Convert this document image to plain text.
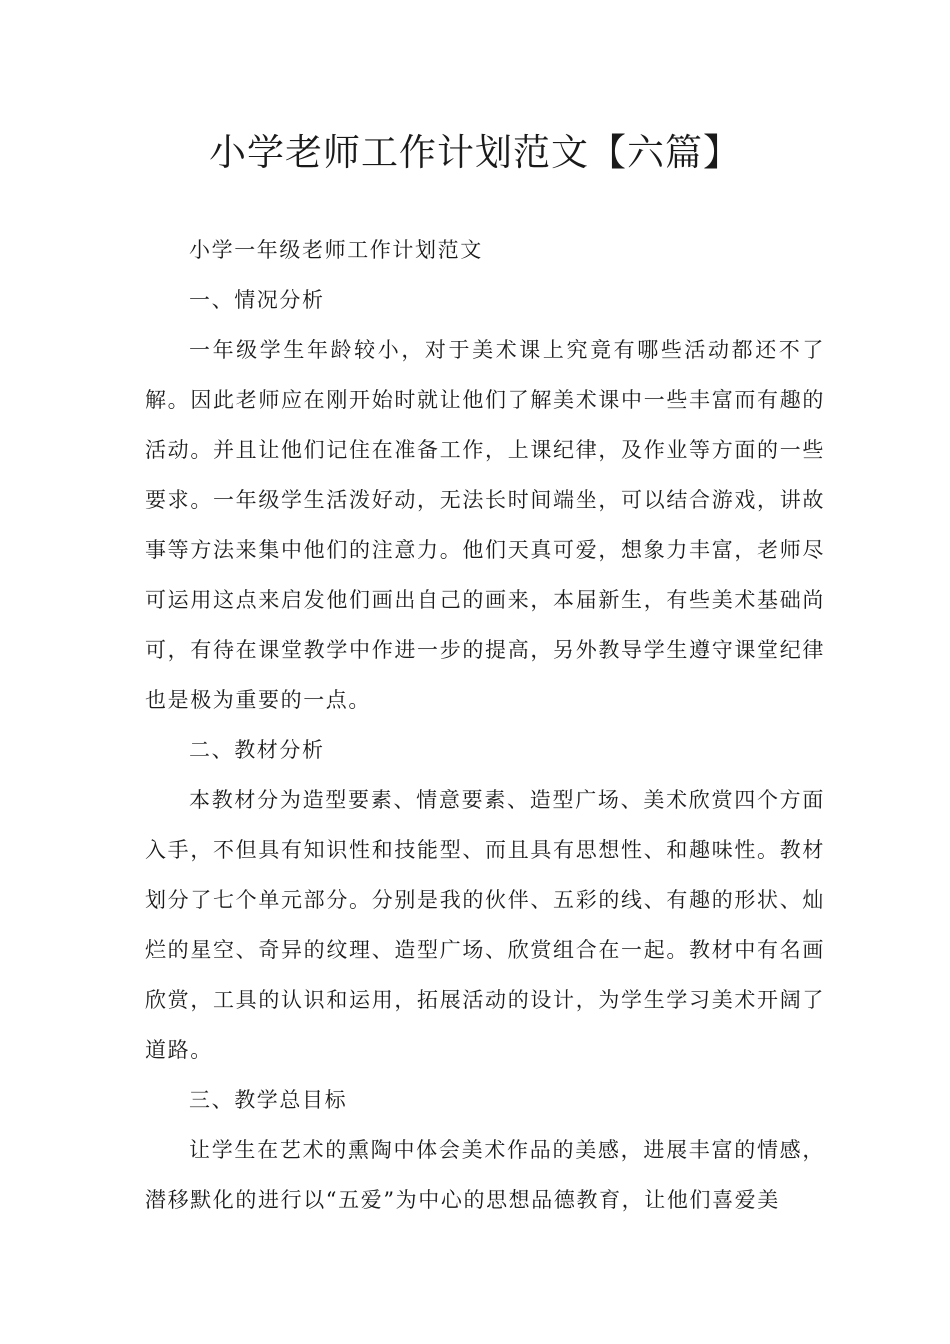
小学老师工作计划范文【六篇】

小学一年级老师工作计划范文

一、情况分析

一年级学生年龄较小，对于美术课上究竟有哪些活动都还不了解。因此老师应在刚开始时就让他们了解美术课中一些丰富而有趣的活动。并且让他们记住在准备工作，上课纪律，及作业等方面的一些要求。一年级学生活泼好动，无法长时间端坐，可以结合游戏，讲故事等方法来集中他们的注意力。他们天真可爱，想象力丰富，老师尽可运用这点来启发他们画出自己的画来，本届新生，有些美术基础尚可，有待在课堂教学中作进一步的提高，另外教导学生遵守课堂纪律也是极为重要的一点。

二、教材分析

本教材分为造型要素、情意要素、造型广场、美术欣赏四个方面入手，不但具有知识性和技能型、而且具有思想性、和趣味性。教材划分了七个单元部分。分别是我的伙伴、五彩的线、有趣的形状、灿烂的星空、奇异的纹理、造型广场、欣赏组合在一起。教材中有名画欣赏，工具的认识和运用，拓展活动的设计，为学生学习美术开阔了道路。

三、教学总目标

让学生在艺术的熏陶中体会美术作品的美感，进展丰富的情感，潜移默化的进行以“五爱”为中心的思想品德教育，让他们喜爱美
